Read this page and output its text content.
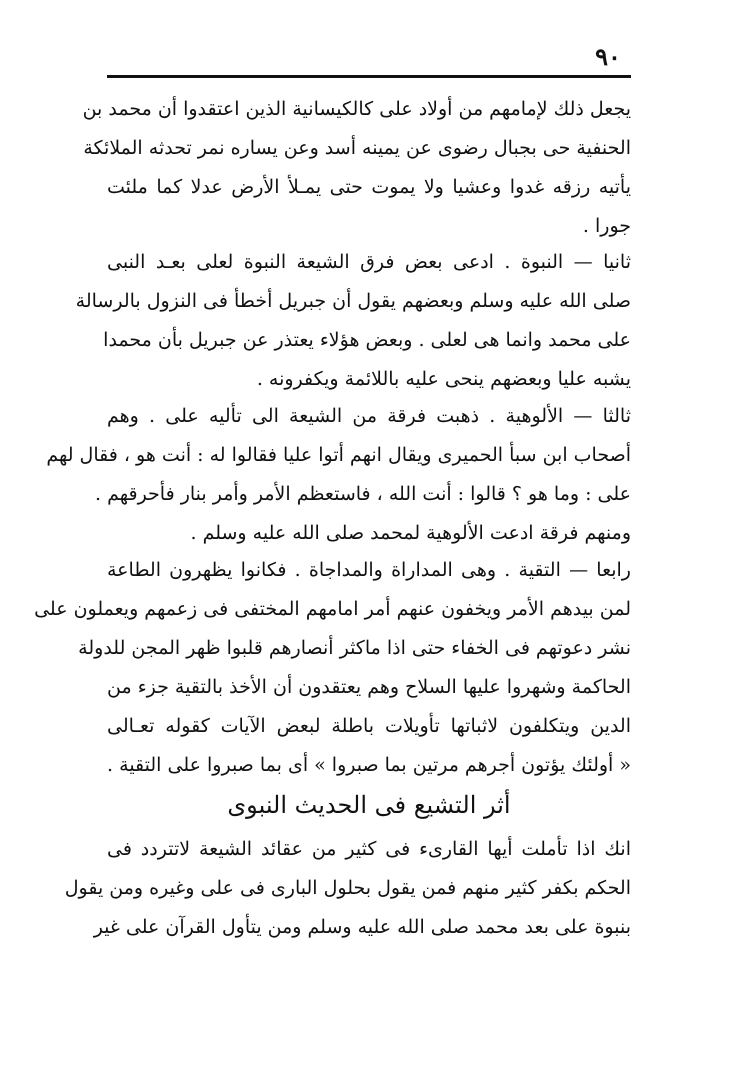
٩٠
يجعل ذلك لإمامهم من أولاد على كالكيسانية الذين اعتقدوا أن محمد بن
الحنفية حى بجبال رضوى عن يمينه أسد وعن يساره نمر تحدثه الملائكة
يأتيه رزقه غدوا وعشيا ولا يموت حتى يمـلأ الأرض عدلا كما ملئت
جورا .
ثانيا — النبوة . ادعى بعض فرق الشيعة النبوة لعلى بعـد النبى
صلى الله عليه وسلم وبعضهم يقول أن جبريل أخطأ فى النزول بالرسالة
على محمد وانما هى لعلى . وبعض هؤلاء يعتذر عن جبريل بأن محمدا
يشبه عليا وبعضهم ينحى عليه باللائمة ويكفرونه .
ثالثا — الألوهية . ذهبت فرقة من الشيعة الى تأليه على . وهم
أصحاب ابن سبأ الحميرى ويقال انهم أتوا عليا فقالوا له : أنت هو ، فقال لهم
على : وما هو ؟ قالوا : أنت الله ، فاستعظم الأمر وأمر بنار فأحرقهم .
ومنهم فرقة ادعت الألوهية لمحمد صلى الله عليه وسلم .
رابعا — التقية . وهى المداراة والمداجاة . فكانوا يظهرون الطاعة
لمن بيدهم الأمر ويخفون عنهم أمر امامهم المختفى فى زعمهم ويعملون على
نشر دعوتهم فى الخفاء حتى اذا ماكثر أنصارهم قلبوا ظهر المجن للدولة
الحاكمة وشهروا عليها السلاح وهم يعتقدون أن الأخذ بالتقية جزء من
الدين ويتكلفون لاثباتها تأويلات باطلة لبعض الآيات كقوله تعـالى
« أولئك يؤتون أجرهم مرتين بما صبروا » أى بما صبروا على التقية .
أثر التشيع فى الحديث النبوى
انك اذا تأملت أيها القارىء فى كثير من عقائد الشيعة لاتتردد فى
الحكم بكفر كثير منهم فمن يقول بحلول البارى فى على وغيره ومن يقول
بنبوة على بعد محمد صلى الله عليه وسلم ومن يتأول القرآن على غير
